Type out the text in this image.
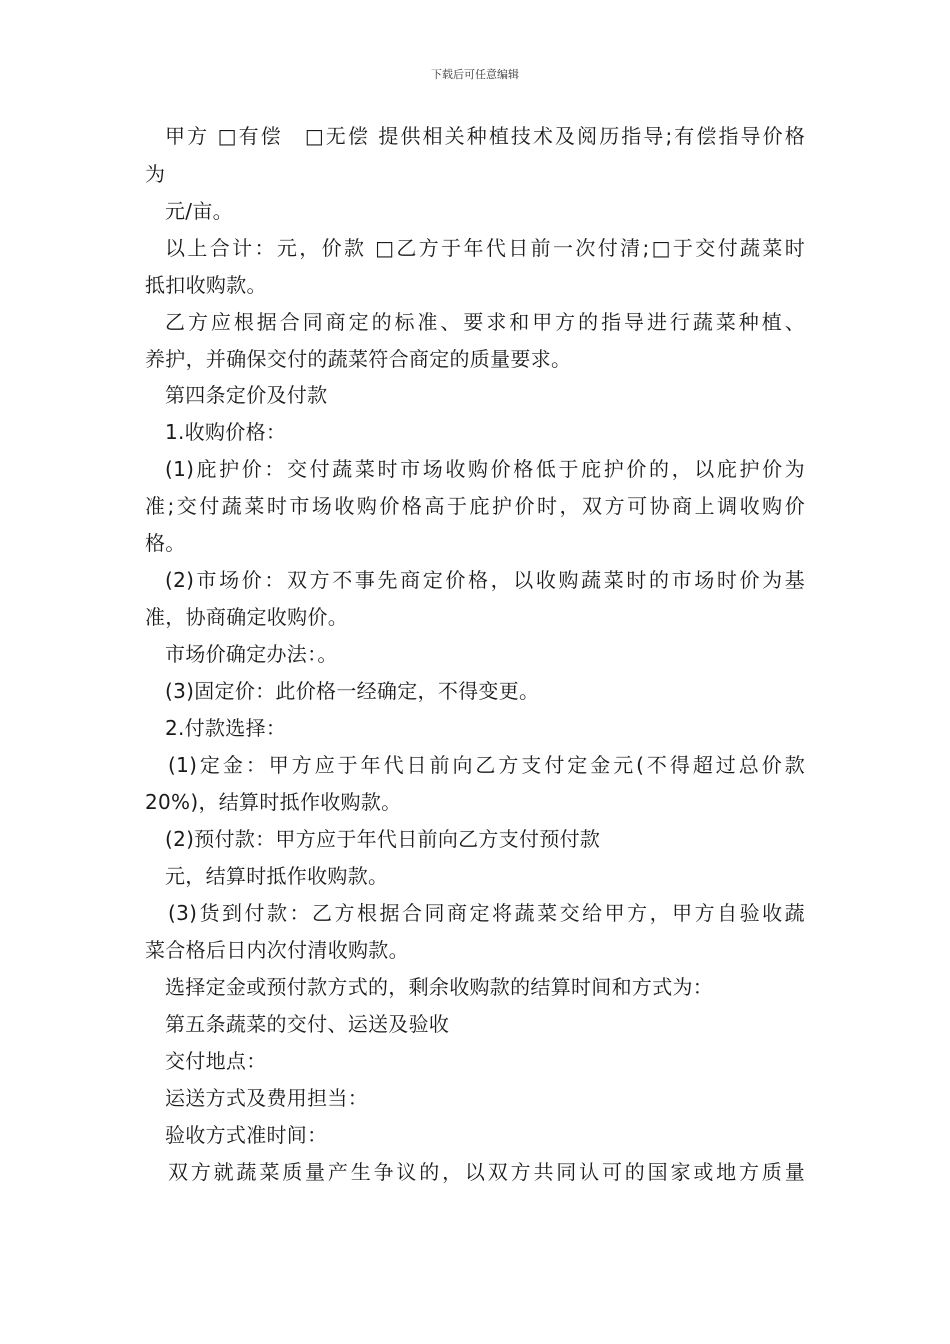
下载后可任意编辑
甲方 □有偿　□无偿 提供相关种植技术及阅历指导;有偿指导价格
为
元/亩。
以上合计：元，价款 □乙方于年代日前一次付清;□于交付蔬菜时
抵扣收购款。
乙方应根据合同商定的标准、要求和甲方的指导进行蔬菜种植、
养护，并确保交付的蔬菜符合商定的质量要求。
第四条定价及付款
1.收购价格：
(1)庇护价：交付蔬菜时市场收购价格低于庇护价的，以庇护价为
准;交付蔬菜时市场收购价格高于庇护价时，双方可协商上调收购价
格。
(2)市场价：双方不事先商定价格，以收购蔬菜时的市场时价为基
准，协商确定收购价。
市场价确定办法：。
(3)固定价：此价格一经确定，不得变更。
2.付款选择：
(1)定金：甲方应于年代日前向乙方支付定金元(不得超过总价款
20%)，结算时抵作收购款。
(2)预付款：甲方应于年代日前向乙方支付预付款
元，结算时抵作收购款。
(3)货到付款：乙方根据合同商定将蔬菜交给甲方，甲方自验收蔬
菜合格后日内次付清收购款。
选择定金或预付款方式的，剩余收购款的结算时间和方式为：
第五条蔬菜的交付、运送及验收
交付地点：
运送方式及费用担当：
验收方式准时间：
双方就蔬菜质量产生争议的，以双方共同认可的国家或地方质量
